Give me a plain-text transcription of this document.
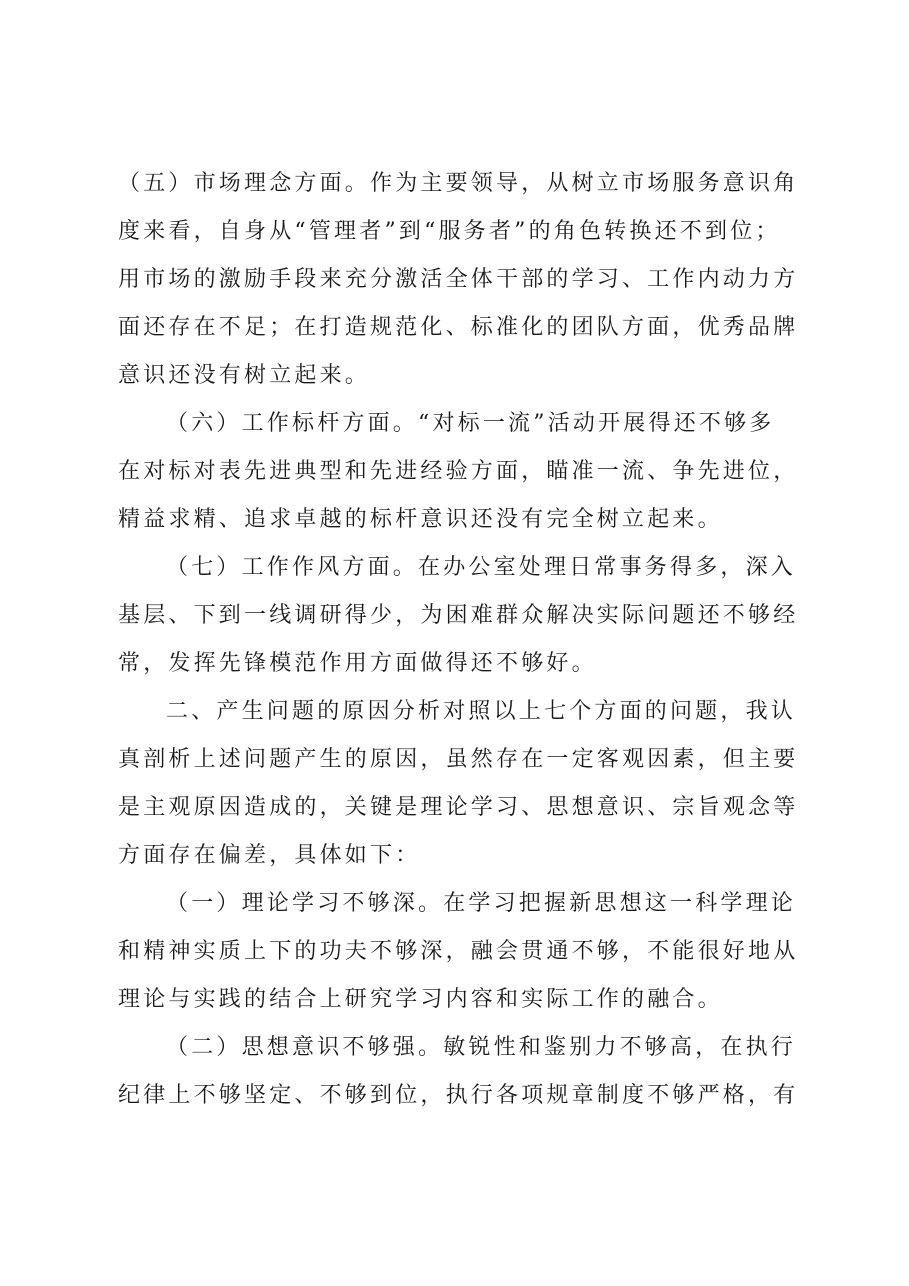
（五）市场理念方面。作为主要领导，从树立市场服务意识角
度来看，自身从“管理者”到“服务者”的角色转换还不到位；
用市场的激励手段来充分激活全体干部的学习、工作内动力方
面还存在不足；在打造规范化、标准化的团队方面，优秀品牌
意识还没有树立起来。

（六）工作标杆方面。“对标一流”活动开展得还不够多
在对标对表先进典型和先进经验方面，瞄准一流、争先进位，
精益求精、追求卓越的标杆意识还没有完全树立起来。

（七）工作作风方面。在办公室处理日常事务得多，深入
基层、下到一线调研得少，为困难群众解决实际问题还不够经
常，发挥先锋模范作用方面做得还不够好。

二、产生问题的原因分析对照以上七个方面的问题，我认
真剖析上述问题产生的原因，虽然存在一定客观因素，但主要
是主观原因造成的，关键是理论学习、思想意识、宗旨观念等
方面存在偏差，具体如下：

（一）理论学习不够深。在学习把握新思想这一科学理论
和精神实质上下的功夫不够深，融会贯通不够，不能很好地从
理论与实践的结合上研究学习内容和实际工作的融合。

（二）思想意识不够强。敏锐性和鉴别力不够高，在执行
纪律上不够坚定、不够到位，执行各项规章制度不够严格，有
